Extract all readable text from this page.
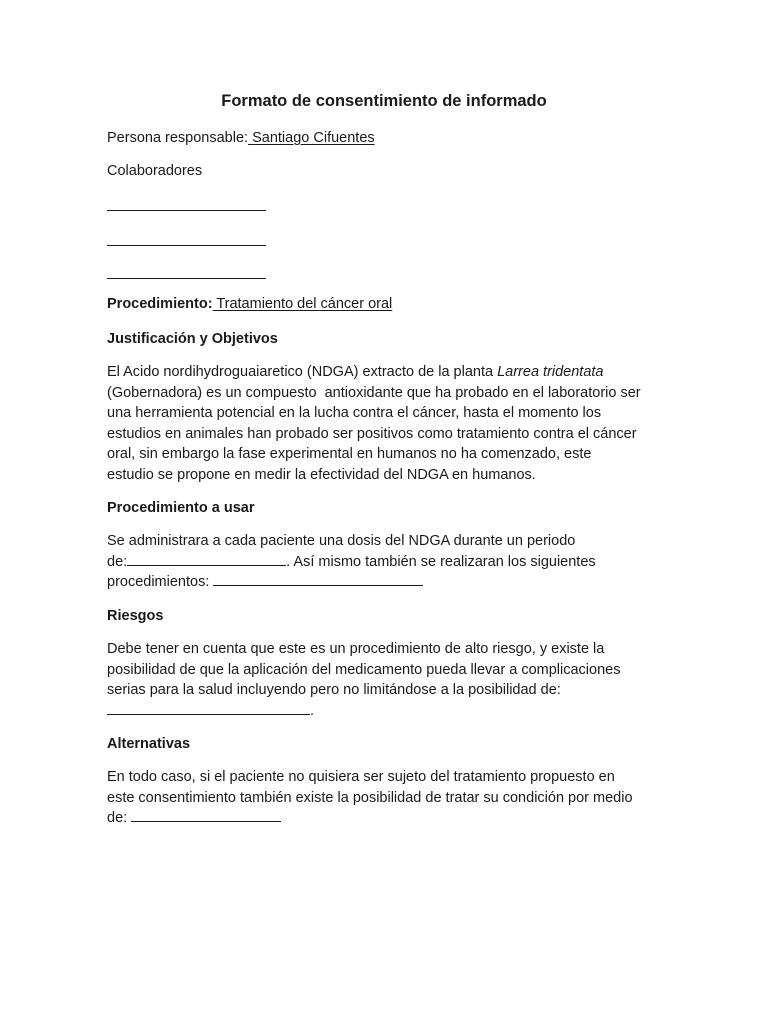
Formato de consentimiento de informado

Persona responsable: Santiago Cifuentes

Colaboradores

Procedimiento: Tratamiento del cáncer oral

Justificación y Objetivos

El Acido nordihydroguaiaretico (NDGA) extracto de la planta Larrea tridentata

(Gobernadora) es un compuesto  antioxidante que ha probado en el laboratorio ser

una herramienta potencial en la lucha contra el cáncer, hasta el momento los

estudios en animales han probado ser positivos como tratamiento contra el cáncer

oral, sin embargo la fase experimental en humanos no ha comenzado, este

estudio se propone en medir la efectividad del NDGA en humanos.

Procedimiento a usar

Se administrara a cada paciente una dosis del NDGA durante un periodo

de:	. Así mismo también se realizaran los siguientes

procedimientos:

Riesgos

Debe tener en cuenta que este es un procedimiento de alto riesgo, y existe la

posibilidad de que la aplicación del medicamento pueda llevar a complicaciones

serias para la salud incluyendo pero no limitándose a la posibilidad de:

.

Alternativas

En todo caso, si el paciente no quisiera ser sujeto del tratamiento propuesto en

este consentimiento también existe la posibilidad de tratar su condición por medio

de:
